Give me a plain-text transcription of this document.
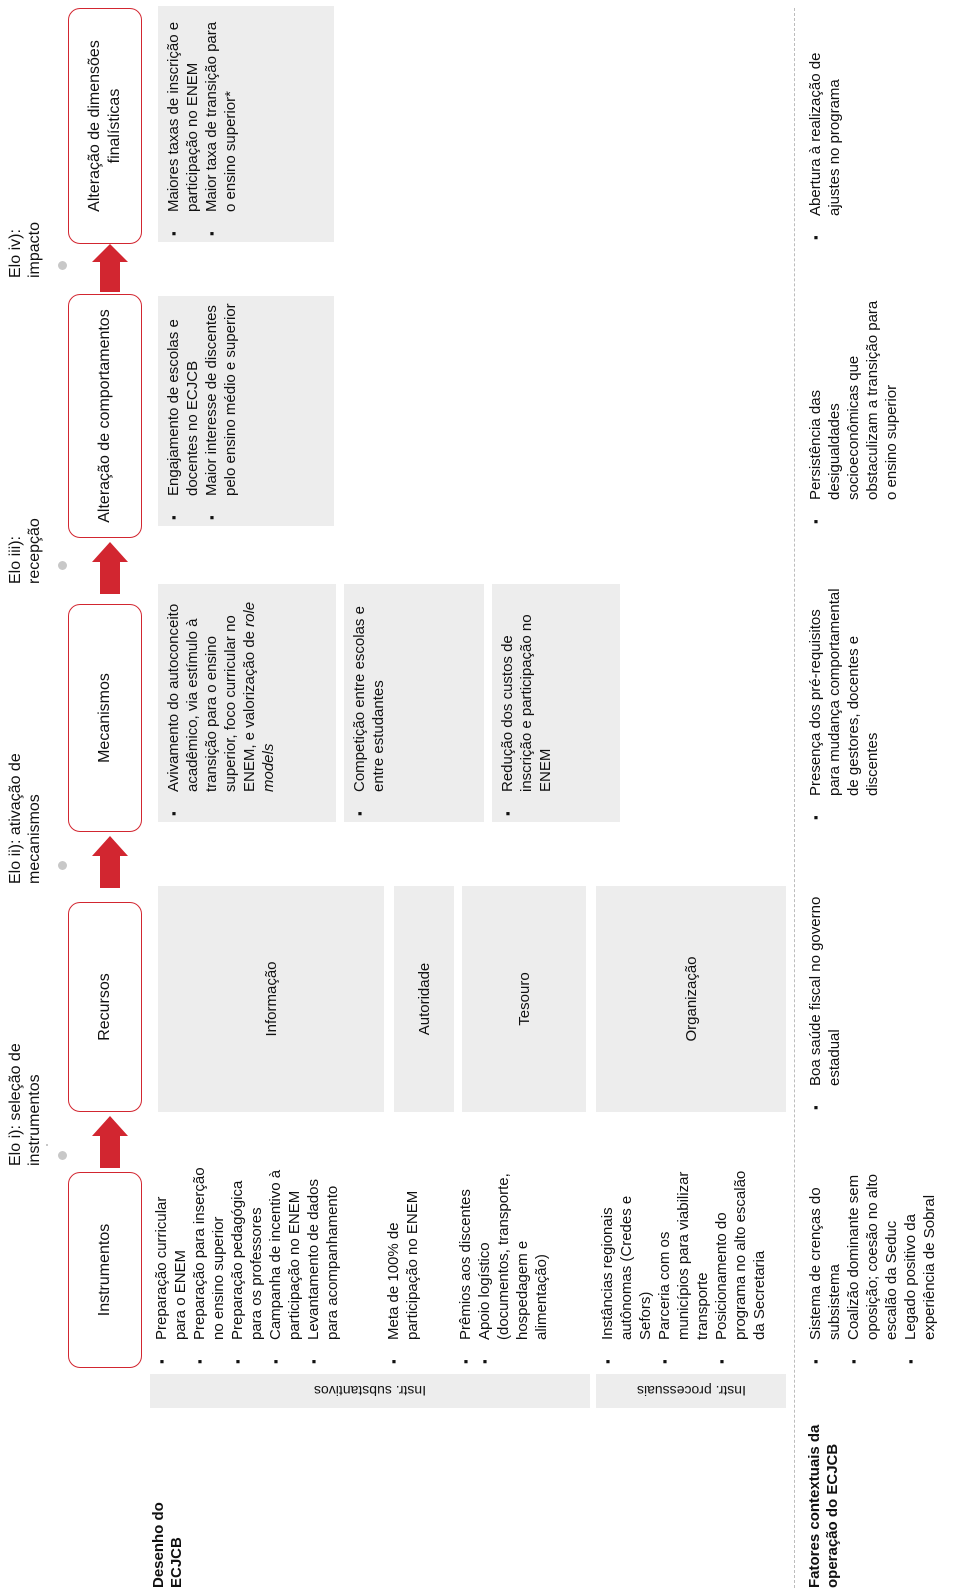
Instr. substantivos	Instr. processuais
Instrumentos
Recursos
Mecanismos
Alteração de comportamentos
Alteração de dimensões finalísticas
Elo i): seleção de instrumentos
Elo ii): ativação de mecanismos
Elo iii): recepção
Elo iv): impacto
▪ Preparação curricular para o ENEM ▪ Preparação para inserção no ensino superior ▪ Preparação pedagógica para os professores ▪ Campanha de incentivo à participação no ENEM ▪ Levantamento de dados para acompanhamento	▪ Meta de 100% de participação no ENEM ▪ Prêmios aos discentes ▪ Apoio logístico (documentos, transporte, hospedagem e alimentação)	▪ Instâncias regionais autônomas (Credes e Sefors) ▪ Parceria com os municípios para viabilizar transporte ▪ Posicionamento do programa no alto escalão da Secretaria
Informação	Autoridade	Tesouro	Organização
▪ Avivamento do autoconceito acadêmico, via estímulo à transição para o ensino superior, foco curricular no ENEM, e valorização de role models	▪ Competição entre escolas e entre estudantes	▪ Redução dos custos de inscrição e participação no ENEM
▪ Engajamento de escolas e docentes no ECJCB ▪ Maior interesse de discentes pelo ensino médio e superior
▪ Maiores taxas de inscrição e participação no ENEM ▪ Maior taxa de transição para o ensino superior*
Fatores contextuais da operação do ECJCB
Desenho do ECJCB
▪ Sistema de crenças do subsistema ▪ Coalizão dominante sem oposição; coesão no alto escalão da Seduc ▪ Legado positivo da experiência de Sobral
▪ Boa saúde fiscal no governo estadual
▪ Presença dos pré-requisitos para mudança comportamental de gestores, docentes e discentes
▪ Persistência das desigualdades socioeconômicas que obstaculizam a transição para o ensino superior
▪ Abertura à realização de ajustes no programa
